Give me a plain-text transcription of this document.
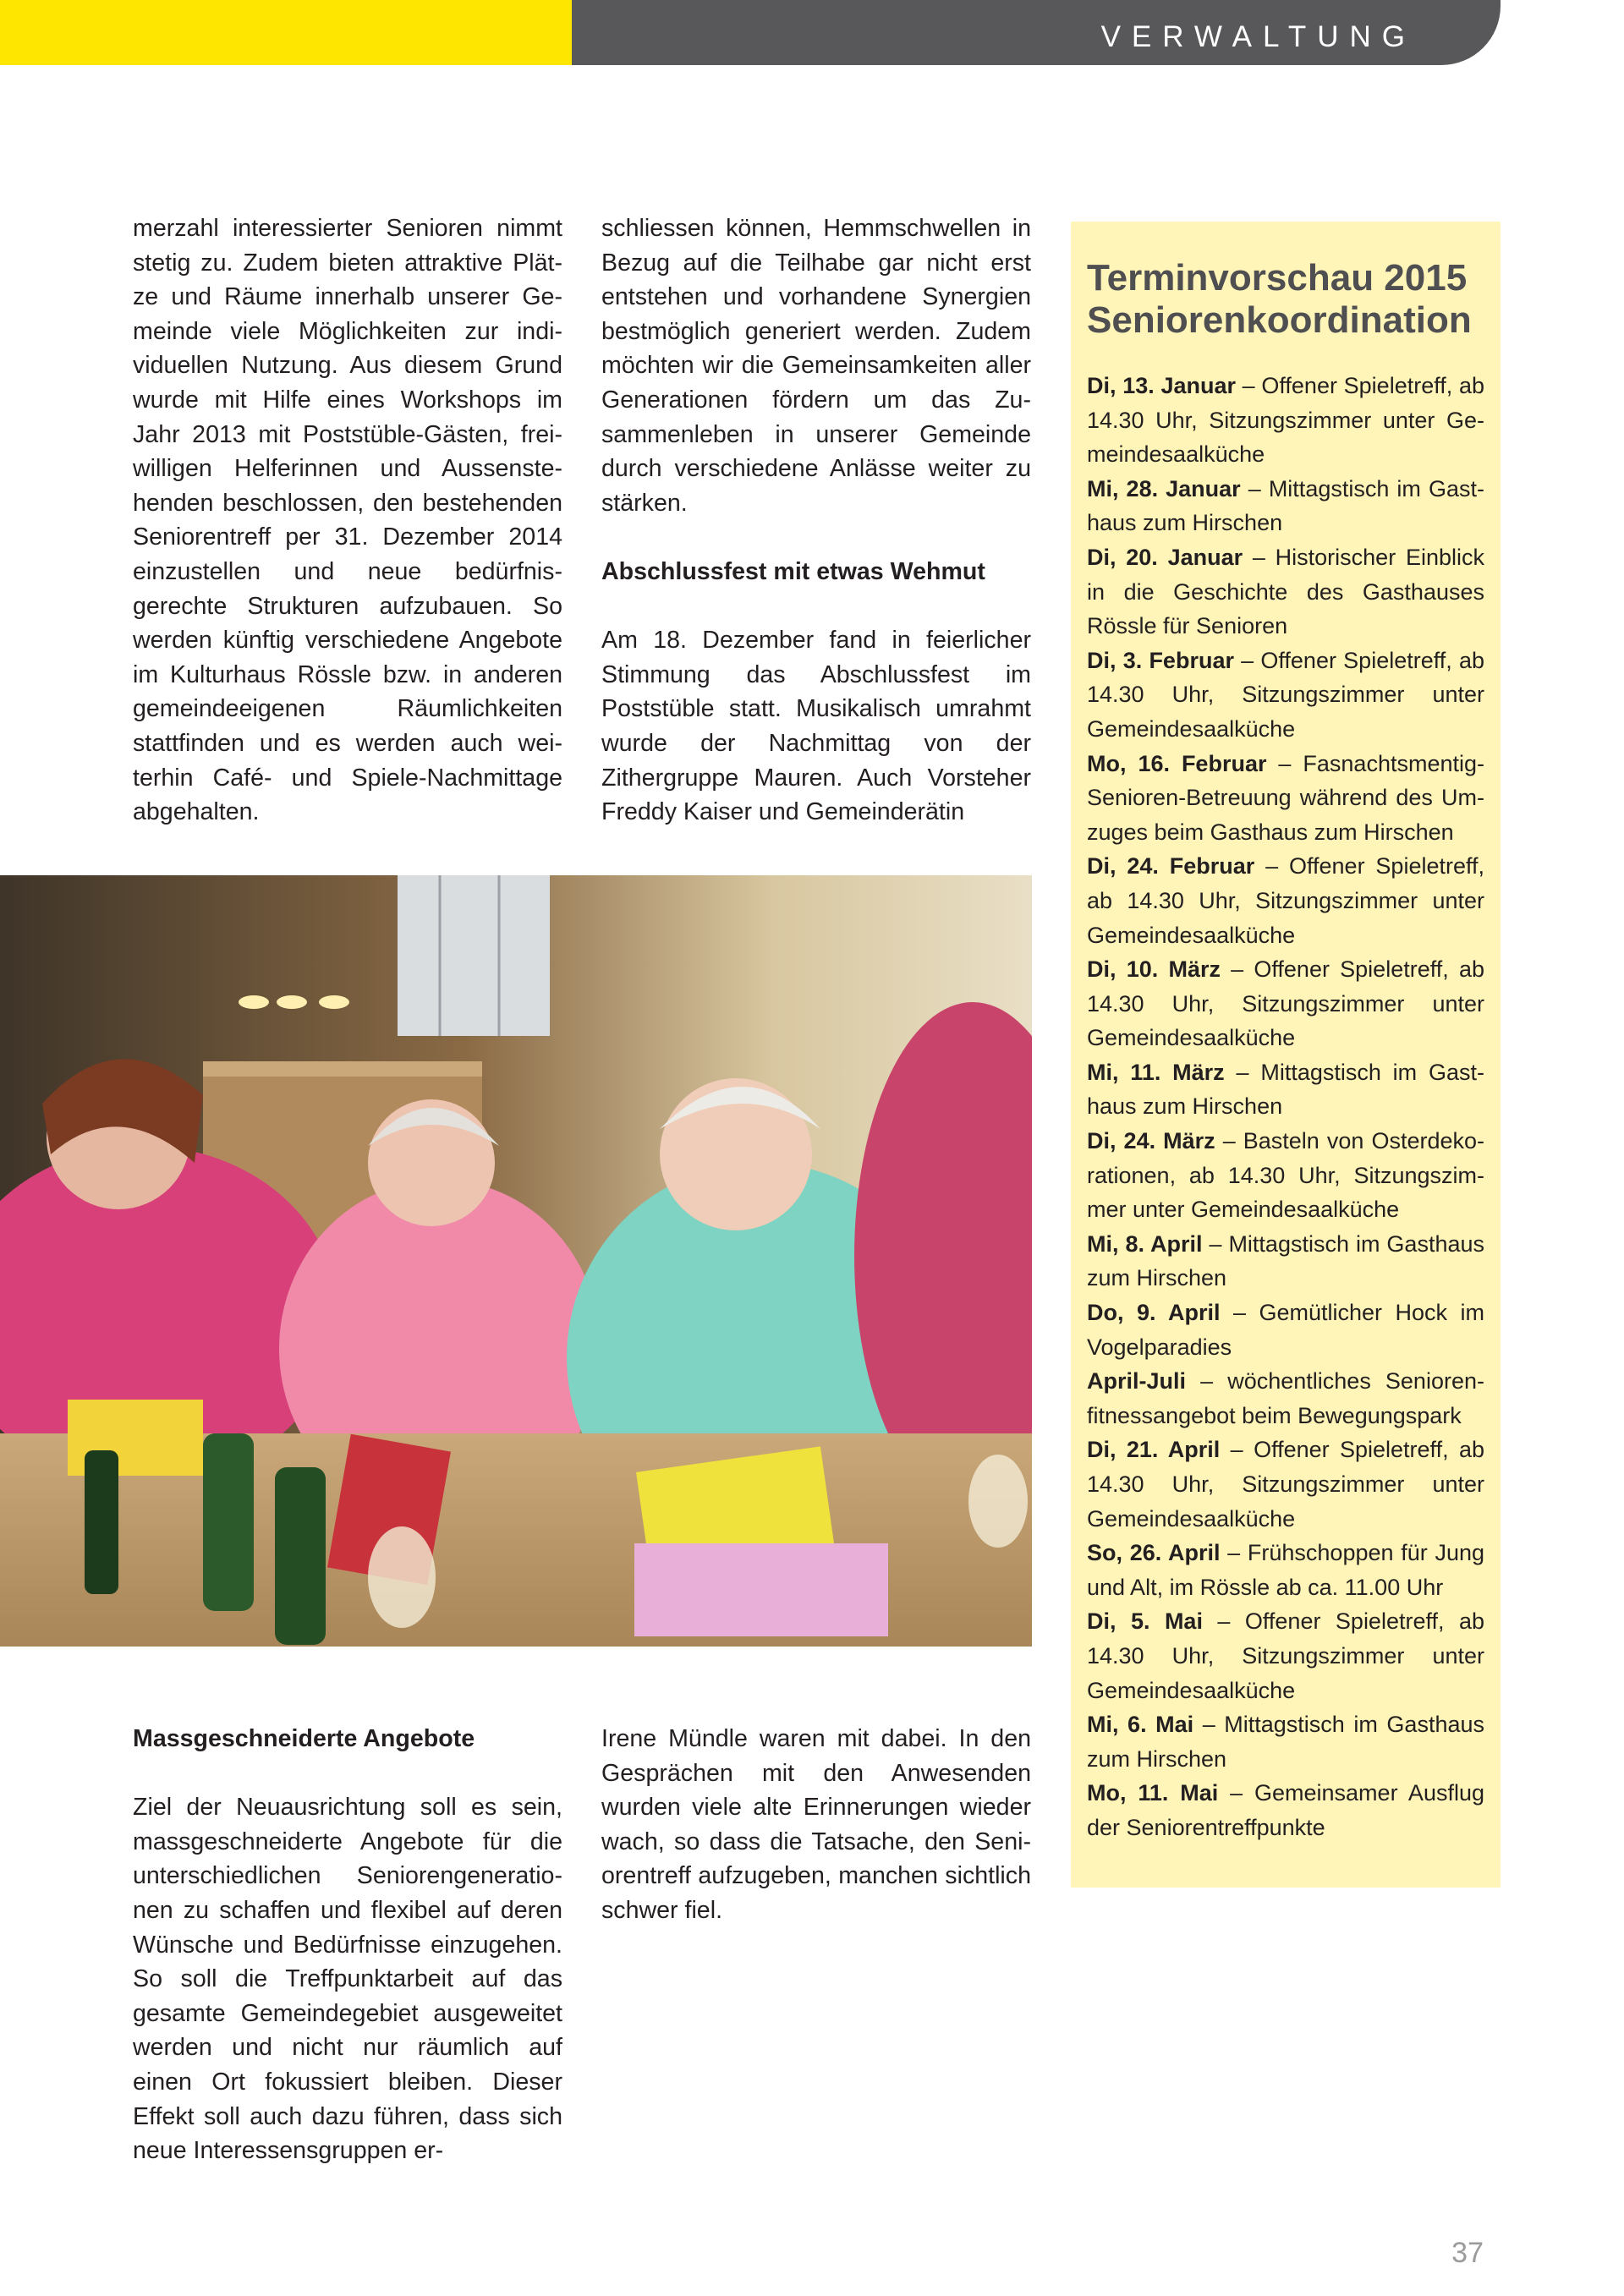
VERWALTUNG

merzahl interessierter Senioren nimmt stetig zu. Zudem bieten attraktive Plätze und Räume innerhalb unserer Gemeinde viele Möglichkeiten zur individuellen Nutzung. Aus diesem Grund wurde mit Hilfe eines Workshops im Jahr 2013 mit Poststüble-Gästen, freiwilligen Helferinnen und Aussenstehenden beschlossen, den bestehenden Seniorentreff per 31. Dezember 2014 einzustellen und neue bedürfnisgerechte Strukturen aufzubauen. So werden künftig verschiedene Angebote im Kulturhaus Rössle bzw. in anderen gemeindeeigenen Räumlichkeiten stattfinden und es werden auch weiterhin Café- und Spiele-Nachmittage abgehalten.

schliessen können, Hemmschwellen in Bezug auf die Teilhabe gar nicht erst entstehen und vorhandene Synergien bestmöglich generiert werden. Zudem möchten wir die Gemeinsamkeiten aller Generationen fördern um das Zusammenleben in unserer Gemeinde durch verschiedene Anlässe weiter zu stärken.

Abschlussfest mit etwas Wehmut

Am 18. Dezember fand in feierlicher Stimmung das Abschlussfest im Poststüble statt. Musikalisch umrahmt wurde der Nachmittag von der Zithergruppe Mauren. Auch Vorsteher Freddy Kaiser und Gemeinderätin

Massgeschneiderte Angebote

Ziel der Neuausrichtung soll es sein, massgeschneiderte Angebote für die unterschiedlichen Seniorengenerationen zu schaffen und flexibel auf deren Wünsche und Bedürfnisse einzugehen. So soll die Treffpunktarbeit auf das gesamte Gemeindegebiet ausgeweitet werden und nicht nur räumlich auf einen Ort fokussiert bleiben. Dieser Effekt soll auch dazu führen, dass sich neue Interessensgruppen er-

Irene Mündle waren mit dabei. In den Gesprächen mit den Anwesenden wurden viele alte Erinnerungen wieder wach, so dass die Tatsache, den Seniorentreff aufzugeben, manchen sichtlich schwer fiel.

Terminvorschau 2015
Seniorenkoordination

Di, 13. Januar – Offener Spieletreff, ab 14.30 Uhr, Sitzungszimmer unter Gemeindesaalküche

Mi, 28. Januar – Mittagstisch im Gasthaus zum Hirschen

Di, 20. Januar – Historischer Einblick in die Geschichte des Gasthauses Rössle für Senioren

Di, 3. Februar – Offener Spieletreff, ab 14.30 Uhr, Sitzungszimmer unter Gemeindesaalküche

Mo, 16. Februar – Fasnachtsmentig-Senioren-Betreuung während des Umzuges beim Gasthaus zum Hirschen

Di, 24. Februar – Offener Spieletreff, ab 14.30 Uhr, Sitzungszimmer unter Gemeindesaalküche

Di, 10. März – Offener Spieletreff, ab 14.30 Uhr, Sitzungszimmer unter Gemeindesaalküche

Mi, 11. März – Mittagstisch im Gasthaus zum Hirschen

Di, 24. März – Basteln von Osterdekorationen, ab 14.30 Uhr, Sitzungszimmer unter Gemeindesaalküche

Mi, 8. April – Mittagstisch im Gasthaus zum Hirschen

Do, 9. April – Gemütlicher Hock im Vogelparadies

April-Juli – wöchentliches Seniorenfitnessangebot beim Bewegungspark

Di, 21. April – Offener Spieletreff, ab 14.30 Uhr, Sitzungszimmer unter Gemeindesaalküche

So, 26. April – Frühschoppen für Jung und Alt, im Rössle ab ca. 11.00 Uhr

Di, 5. Mai – Offener Spieletreff, ab 14.30 Uhr, Sitzungszimmer unter Gemeindesaalküche

Mi, 6. Mai – Mittagstisch im Gasthaus zum Hirschen

Mo, 11. Mai – Gemeinsamer Ausflug der Seniorentreffpunkte

37
